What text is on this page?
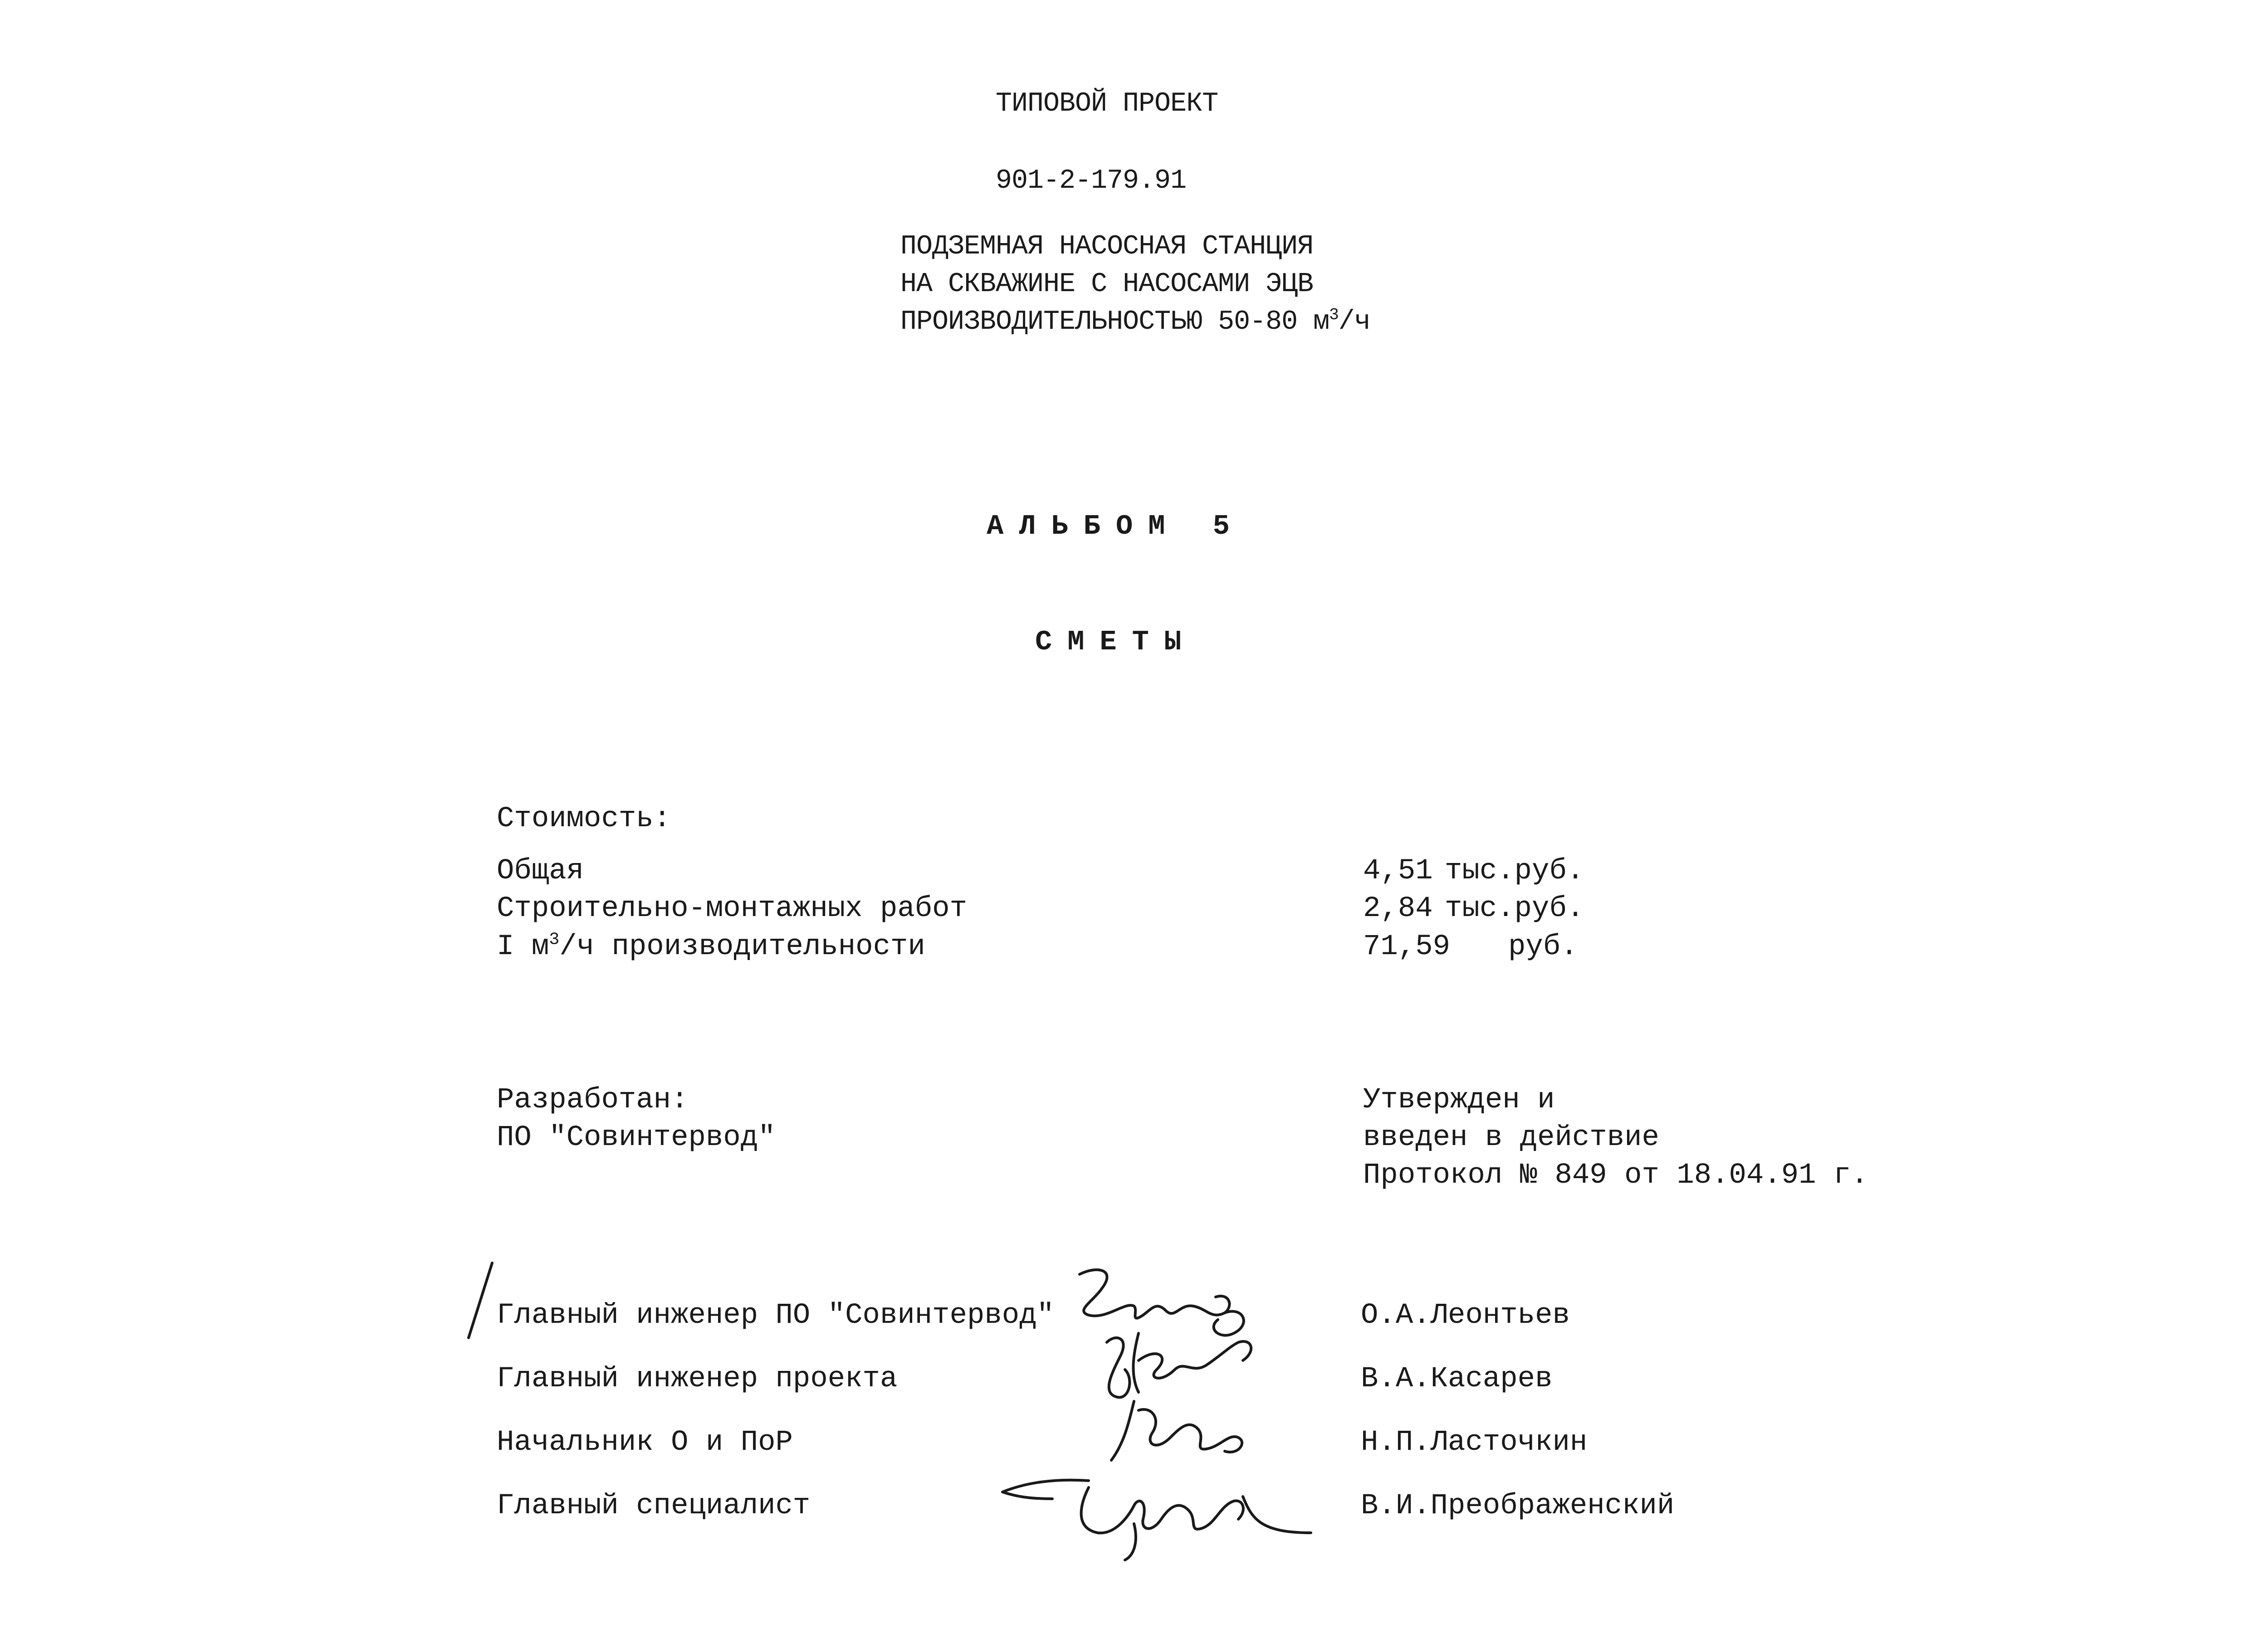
ТИПОВОЙ ПРОЕКТ
901-2-179.91
ПОДЗЕМНАЯ НАСОСНАЯ СТАНЦИЯ
НА СКВАЖИНЕ С НАСОСАМИ ЭЦВ
ПРОИЗВОДИТЕЛЬНОСТЬЮ 50-80 $м^3/ч$
АЛЬБОМ 5
СМЕТЫ
Стоимость:
Общая	4,51 тыс.руб.
Строительно-монтажных работ	2,84 тыс.руб.
I $м^3/ч$ производительности	71,59 руб.
Разработан:
ПО "Совинтервод"
Утвержден и
введен в действие
Протокол № 849 от 18.04.91 г.
Главный инженер ПО "Совинтервод"	О.А.Леонтьев
Главный инженер проекта	В.А.Касарев
Начальник О и ПоР	Н.П.Ласточкин
Главный специалист	В.И.Преображенский
